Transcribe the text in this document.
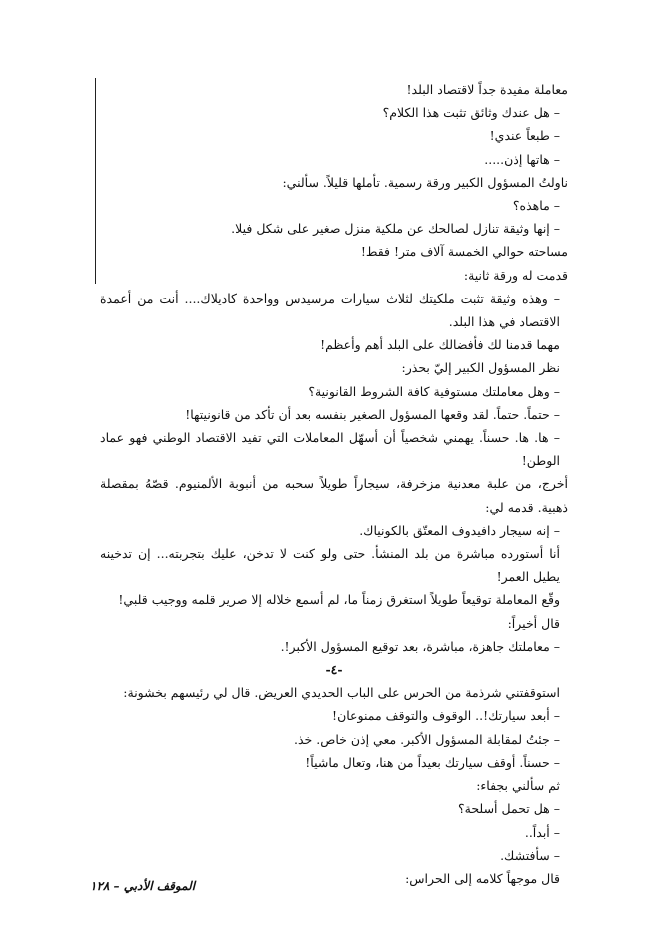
معاملة مفيدة جداً لاقتصاد البلد!

– هل عندك وثائق تثبت هذا الكلام؟

– طبعاً عندي!

– هاتها إذن.....

ناولتُ المسؤول الكبير ورقة رسمية. تأملها قليلاً. سألني:

– ماهذه؟

– إنها وثيقة تنازل لصالحك عن ملكية منزل صغير على شكل فيلا.

مساحته حوالي الخمسة آلاف متر! فقط!

قدمت له ورقة ثانية:

– وهذه وثيقة تثبت ملكيتك لثلاث سيارات مرسيدس وواحدة كاديلاك.... أنت من أعمدة الاقتصاد في هذا البلد.

مهما قدمنا لك فأفضالك على البلد أهم وأعظم!

نظر المسؤول الكبير إليّ بحذر:

– وهل معاملتك مستوفية كافة الشروط القانونية؟

– حتماً. حتماً. لقد وقعها المسؤول الصغير بنفسه بعد أن تأكد من قانونيتها!

– ها. ها. حسناً. يهمني شخصياً أن أسهّل المعاملات التي تفيد الاقتصاد الوطني فهو عماد الوطن!

أخرج، من علبة معدنية مزخرفة، سيجاراً طويلاً سحبه من أنبوبة الألمنيوم. قصّهُ بمقصلة ذهبية. قدمه لي:

– إنه سيجار دافيدوف المعتّق بالكونياك.

أنا أستورده مباشرة من بلد المنشأ. حتى ولو كنت لا تدخن، عليك بتجربته... إن تدخينه يطيل العمر!

وقّع المعاملة توقيعاً طويلاً استغرق زمناً ما، لم أسمع خلاله إلا صرير قلمه ووجيب قلبي!

قال أخيراً:

– معاملتك جاهزة، مباشرة، بعد توقيع المسؤول الأكبر!.

-٤-

استوقفتني شرذمة من الحرس على الباب الحديدي العريض. قال لي رئيسهم بخشونة:

– أبعد سيارتك!.. الوقوف والتوقف ممنوعان!

– جئتُ لمقابلة المسؤول الأكبر. معي إذن خاص. خذ.

– حسناً. أوقف سيارتك بعيداً من هنا، وتعال ماشياً!

ثم سألني بجفاء:

– هل تحمل أسلحة؟

– أبداً..

– سأفتشك.

قال موجهاً كلامه إلى الحراس:

الموقف الأدبي – ١٢٨
